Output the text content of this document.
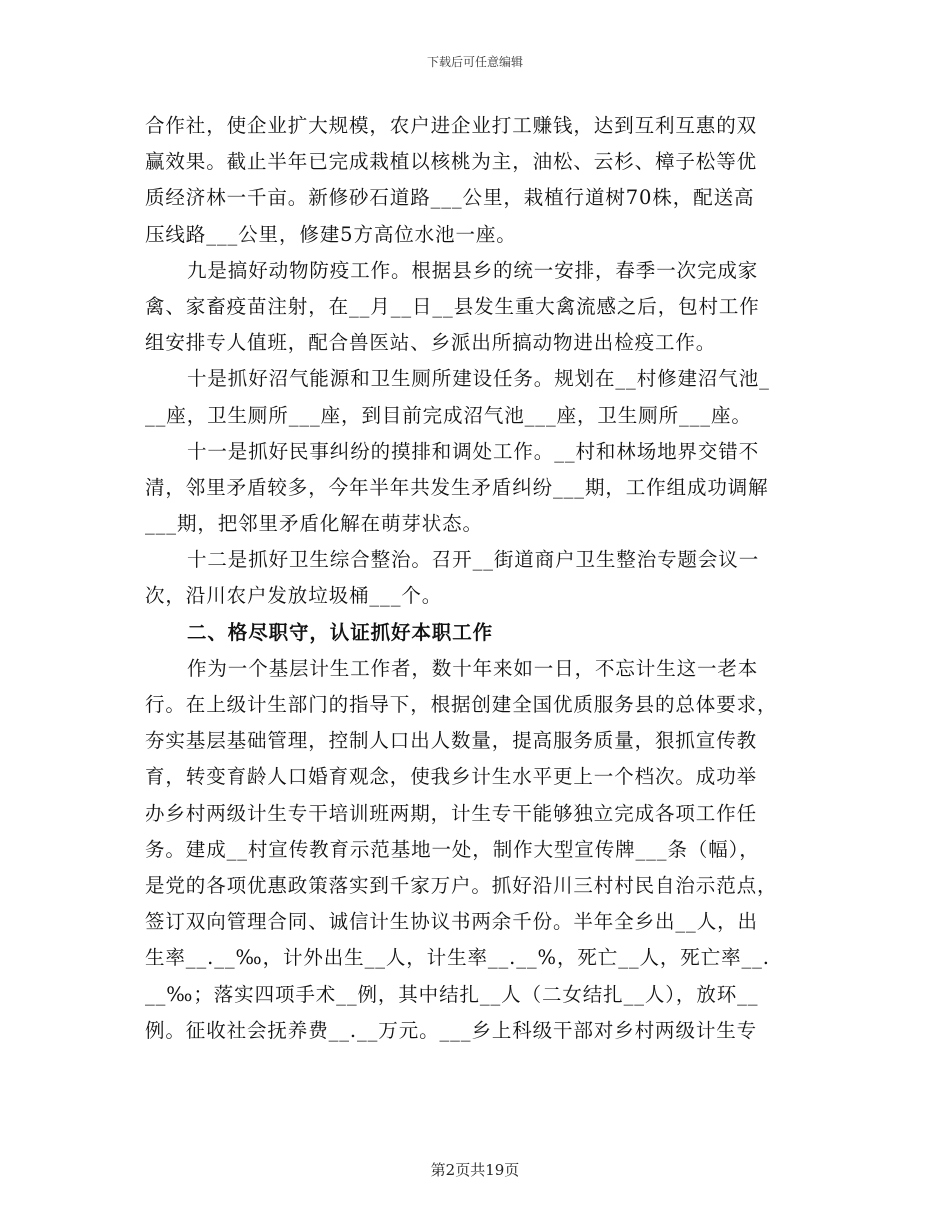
下载后可任意编辑
合作社，使企业扩大规模，农户进企业打工赚钱，达到互利互惠的双
赢效果。截止半年已完成栽植以核桃为主，油松、云杉、樟子松等优
质经济林一千亩。新修砂石道路___公里，栽植行道树70株，配送高
压线路___公里，修建5方高位水池一座。
九是搞好动物防疫工作。根据县乡的统一安排，春季一次完成家
禽、家畜疫苗注射，在__月__日__县发生重大禽流感之后，包村工作
组安排专人值班，配合兽医站、乡派出所搞动物进出检疫工作。
十是抓好沼气能源和卫生厕所建设任务。规划在__村修建沼气池_
__座，卫生厕所___座，到目前完成沼气池___座，卫生厕所___座。
十一是抓好民事纠纷的摸排和调处工作。__村和林场地界交错不
清，邻里矛盾较多，今年半年共发生矛盾纠纷___期，工作组成功调解
___期，把邻里矛盾化解在萌芽状态。
十二是抓好卫生综合整治。召开__街道商户卫生整治专题会议一
次，沿川农户发放垃圾桶___个。
二、格尽职守，认证抓好本职工作
作为一个基层计生工作者，数十年来如一日，不忘计生这一老本
行。在上级计生部门的指导下，根据创建全国优质服务县的总体要求，
夯实基层基础管理，控制人口出人数量，提高服务质量，狠抓宣传教
育，转变育龄人口婚育观念，使我乡计生水平更上一个档次。成功举
办乡村两级计生专干培训班两期，计生专干能够独立完成各项工作任
务。建成__村宣传教育示范基地一处，制作大型宣传牌___条（幅），
是党的各项优惠政策落实到千家万户。抓好沿川三村村民自治示范点，
签订双向管理合同、诚信计生协议书两余千份。半年全乡出__人，出
生率__.__‰，计外出生__人，计生率__.__%，死亡__人，死亡率__.
__‰；落实四项手术__例，其中结扎__人（二女结扎__人），放环__
例。征收社会抚养费__.__万元。___乡上科级干部对乡村两级计生专
第2页共19页
